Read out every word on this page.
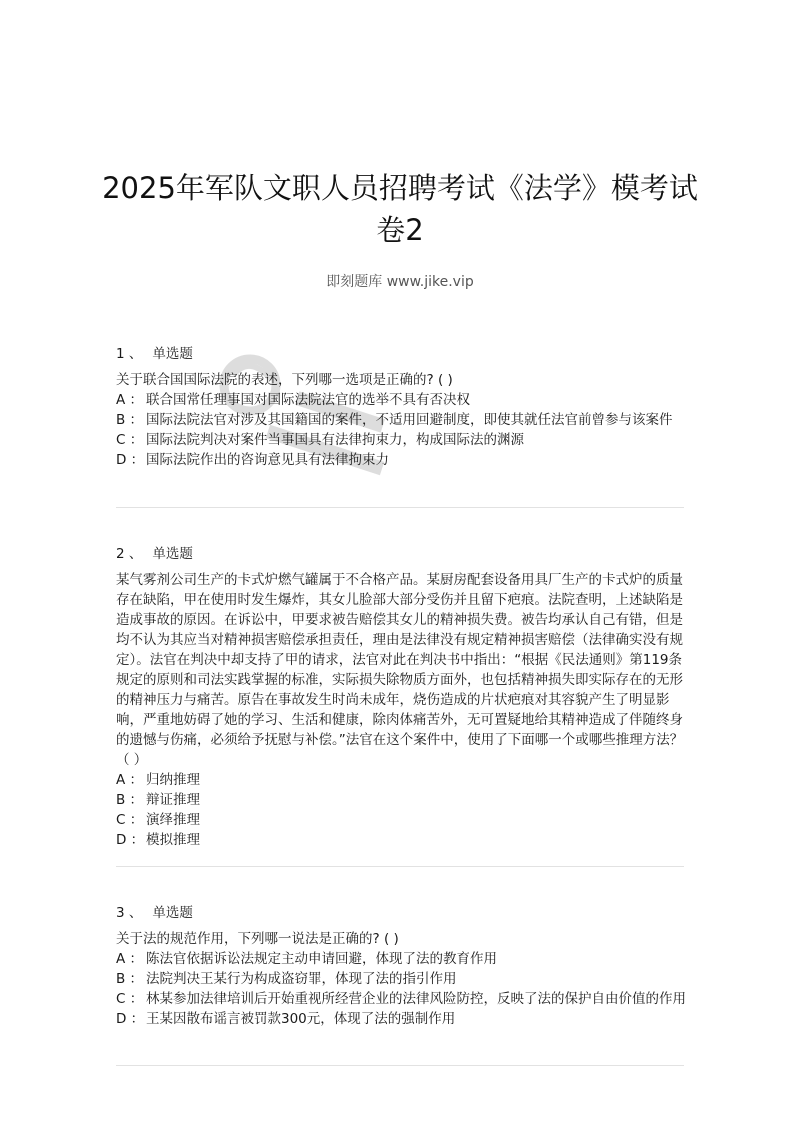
2025年军队文职人员招聘考试《法学》模考试卷2
即刻题库 www.jike.vip
1 、 单选题

关于联合国国际法院的表述，下列哪一选项是正确的? ( )

A ： 联合国常任理事国对国际法院法官的选举不具有否决权
B ： 国际法院法官对涉及其国籍国的案件，不适用回避制度，即使其就任法官前曾参与该案件
C ： 国际法院判决对案件当事国具有法律拘束力，构成国际法的渊源
D ： 国际法院作出的咨询意见具有法律拘束力
2 、 单选题

某气雾剂公司生产的卡式炉燃气罐属于不合格产品。某厨房配套设备用具厂生产的卡式炉的质量存在缺陷，甲在使用时发生爆炸，其女儿脸部大部分受伤并且留下疤痕。法院查明，上述缺陷是造成事故的原因。在诉讼中，甲要求被告赔偿其女儿的精神损失费。被告均承认自己有错，但是均不认为其应当对精神损害赔偿承担责任，理由是法律没有规定精神损害赔偿（法律确实没有规定）。法官在判决中却支持了甲的请求，法官对此在判决书中指出：“根据《民法通则》第119条规定的原则和司法实践掌握的标准，实际损失除物质方面外，也包括精神损失即实际存在的无形的精神压力与痛苦。原告在事故发生时尚未成年，烧伤造成的片状疤痕对其容貌产生了明显影响，严重地妨碍了她的学习、生活和健康，除肉体痛苦外，无可置疑地给其精神造成了伴随终身的遗憾与伤痛，必须给予抚慰与补偿。”法官在这个案件中，使用了下面哪一个或哪些推理方法？（ ）

A ： 归纳推理
B ： 辩证推理
C ： 演绎推理
D ： 模拟推理
3 、 单选题

关于法的规范作用，下列哪一说法是正确的? ( )

A ： 陈法官依据诉讼法规定主动申请回避，体现了法的教育作用
B ： 法院判决王某行为构成盗窃罪，体现了法的指引作用
C ： 林某参加法律培训后开始重视所经营企业的法律风险防控，反映了法的保护自由价值的作用
D ： 王某因散布谣言被罚款300元，体现了法的强制作用
